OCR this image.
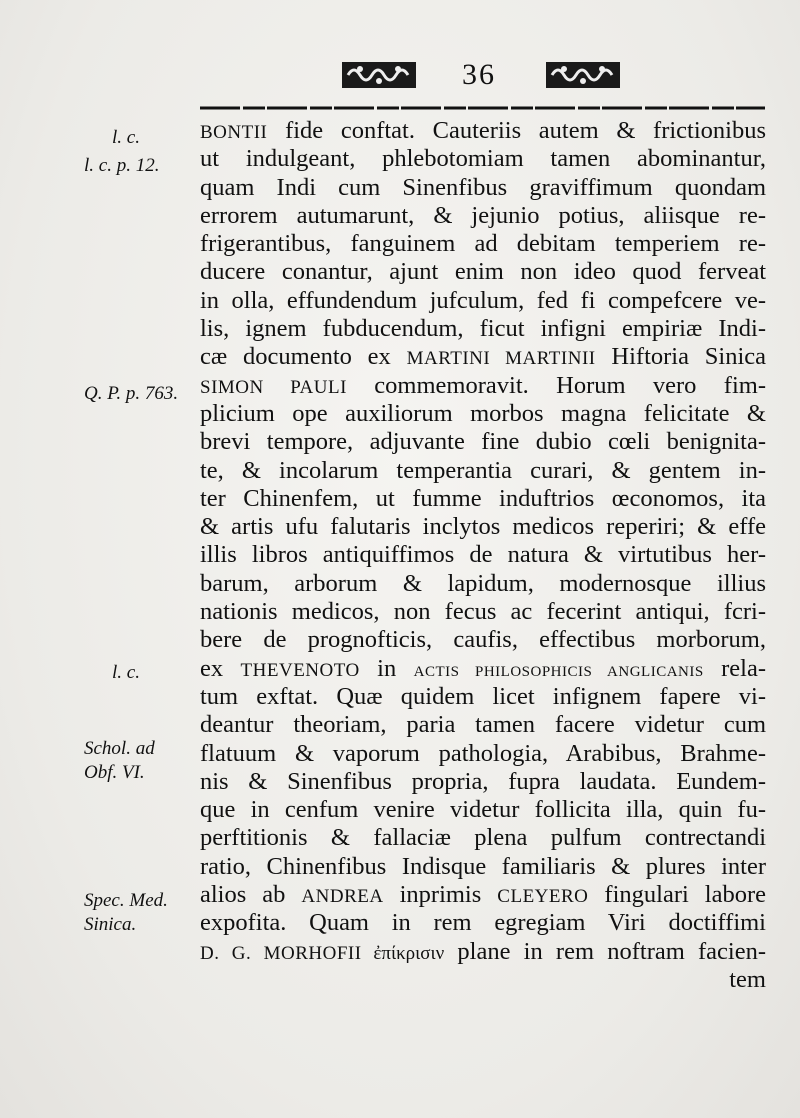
36
l. c.
l. c. p. 12.
Q. P. p. 763.
l. c.
Schol. ad
Obf. VI.
Spec. Med.
Sinica.
BONTII fide conftat. Cauteriis autem & frictionibus
ut indulgeant, phlebotomiam tamen abominantur,
quam Indi cum Sinenfibus graviffimum quondam
errorem autumarunt, & jejunio potius, aliisque re-
frigerantibus, fanguinem ad debitam temperiem re-
ducere conantur, ajunt enim non ideo quod ferveat
in olla, effundendum jufculum, fed fi compefcere ve-
lis, ignem fubducendum, ficut infigni empiriæ Indi-
cæ documento ex MARTINI MARTINII Hiftoria Sinica
SIMON PAULI commemoravit. Horum vero fim-
plicium ope auxiliorum morbos magna felicitate &
brevi tempore, adjuvante fine dubio cœli benignita-
te, & incolarum temperantia curari, & gentem in-
ter Chinenfem, ut fumme induftrios œconomos, ita
& artis ufu falutaris inclytos medicos reperiri; & effe
illis libros antiquiffimos de natura & virtutibus her-
barum, arborum & lapidum, modernosque illius
nationis medicos, non fecus ac fecerint antiqui, fcri-
bere de prognofticis, caufis, effectibus morborum,
ex THEVENOTO in ACTIS PHILOSOPHICIS ANGLICANIS rela-
tum exftat. Quæ quidem licet infignem fapere vi-
deantur theoriam, paria tamen facere videtur cum
flatuum & vaporum pathologia, Arabibus, Brahme-
nis & Sinenfibus propria, fupra laudata. Eundem-
que in cenfum venire videtur follicita illa, quin fu-
perftitionis & fallaciæ plena pulfum contrectandi
ratio, Chinenfibus Indisque familiaris & plures inter
alios ab ANDREA inprimis CLEYERO fingulari labore
expofita. Quam in rem egregiam Viri doctiffimi
D. G. MORHOFII ἐπίκρισιν plane in rem noftram facien-
tem
